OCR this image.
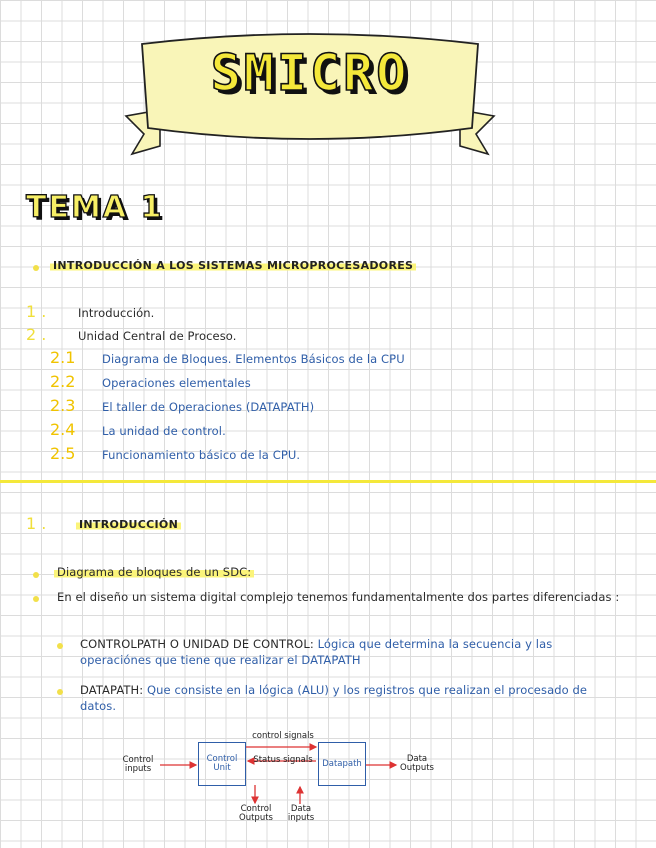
SMICRO
TEMA 1
INTRODUCCIÓN A LOS SISTEMAS MICROPROCESADORES
1 .	Introducción.
2 .	Unidad Central de Proceso.
2.1 Diagrama de Bloques. Elementos Básicos de la CPU
2.2 Operaciones elementales
2.3 El taller de Operaciones (DATAPATH)
2.4 La unidad de control.
2.5 Funcionamiento básico de la CPU.
1 .	INTRODUCCIÓN
Diagrama de bloques de un SDC:
En el diseño un sistema digital complejo tenemos fundamentalmente dos partes diferenciadas :
CONTROLPATH O UNIDAD DE CONTROL: Lógica que determina la secuencia y las operaciónes que tiene que realizar el DATAPATH
DATAPATH: Que consiste en la lógica (ALU) y los registros que realizan el procesado de datos.
Control inputs
Control Unit	Datapath
control signals
Status signals	Data Outputs
Control Outputs
Data inputs
